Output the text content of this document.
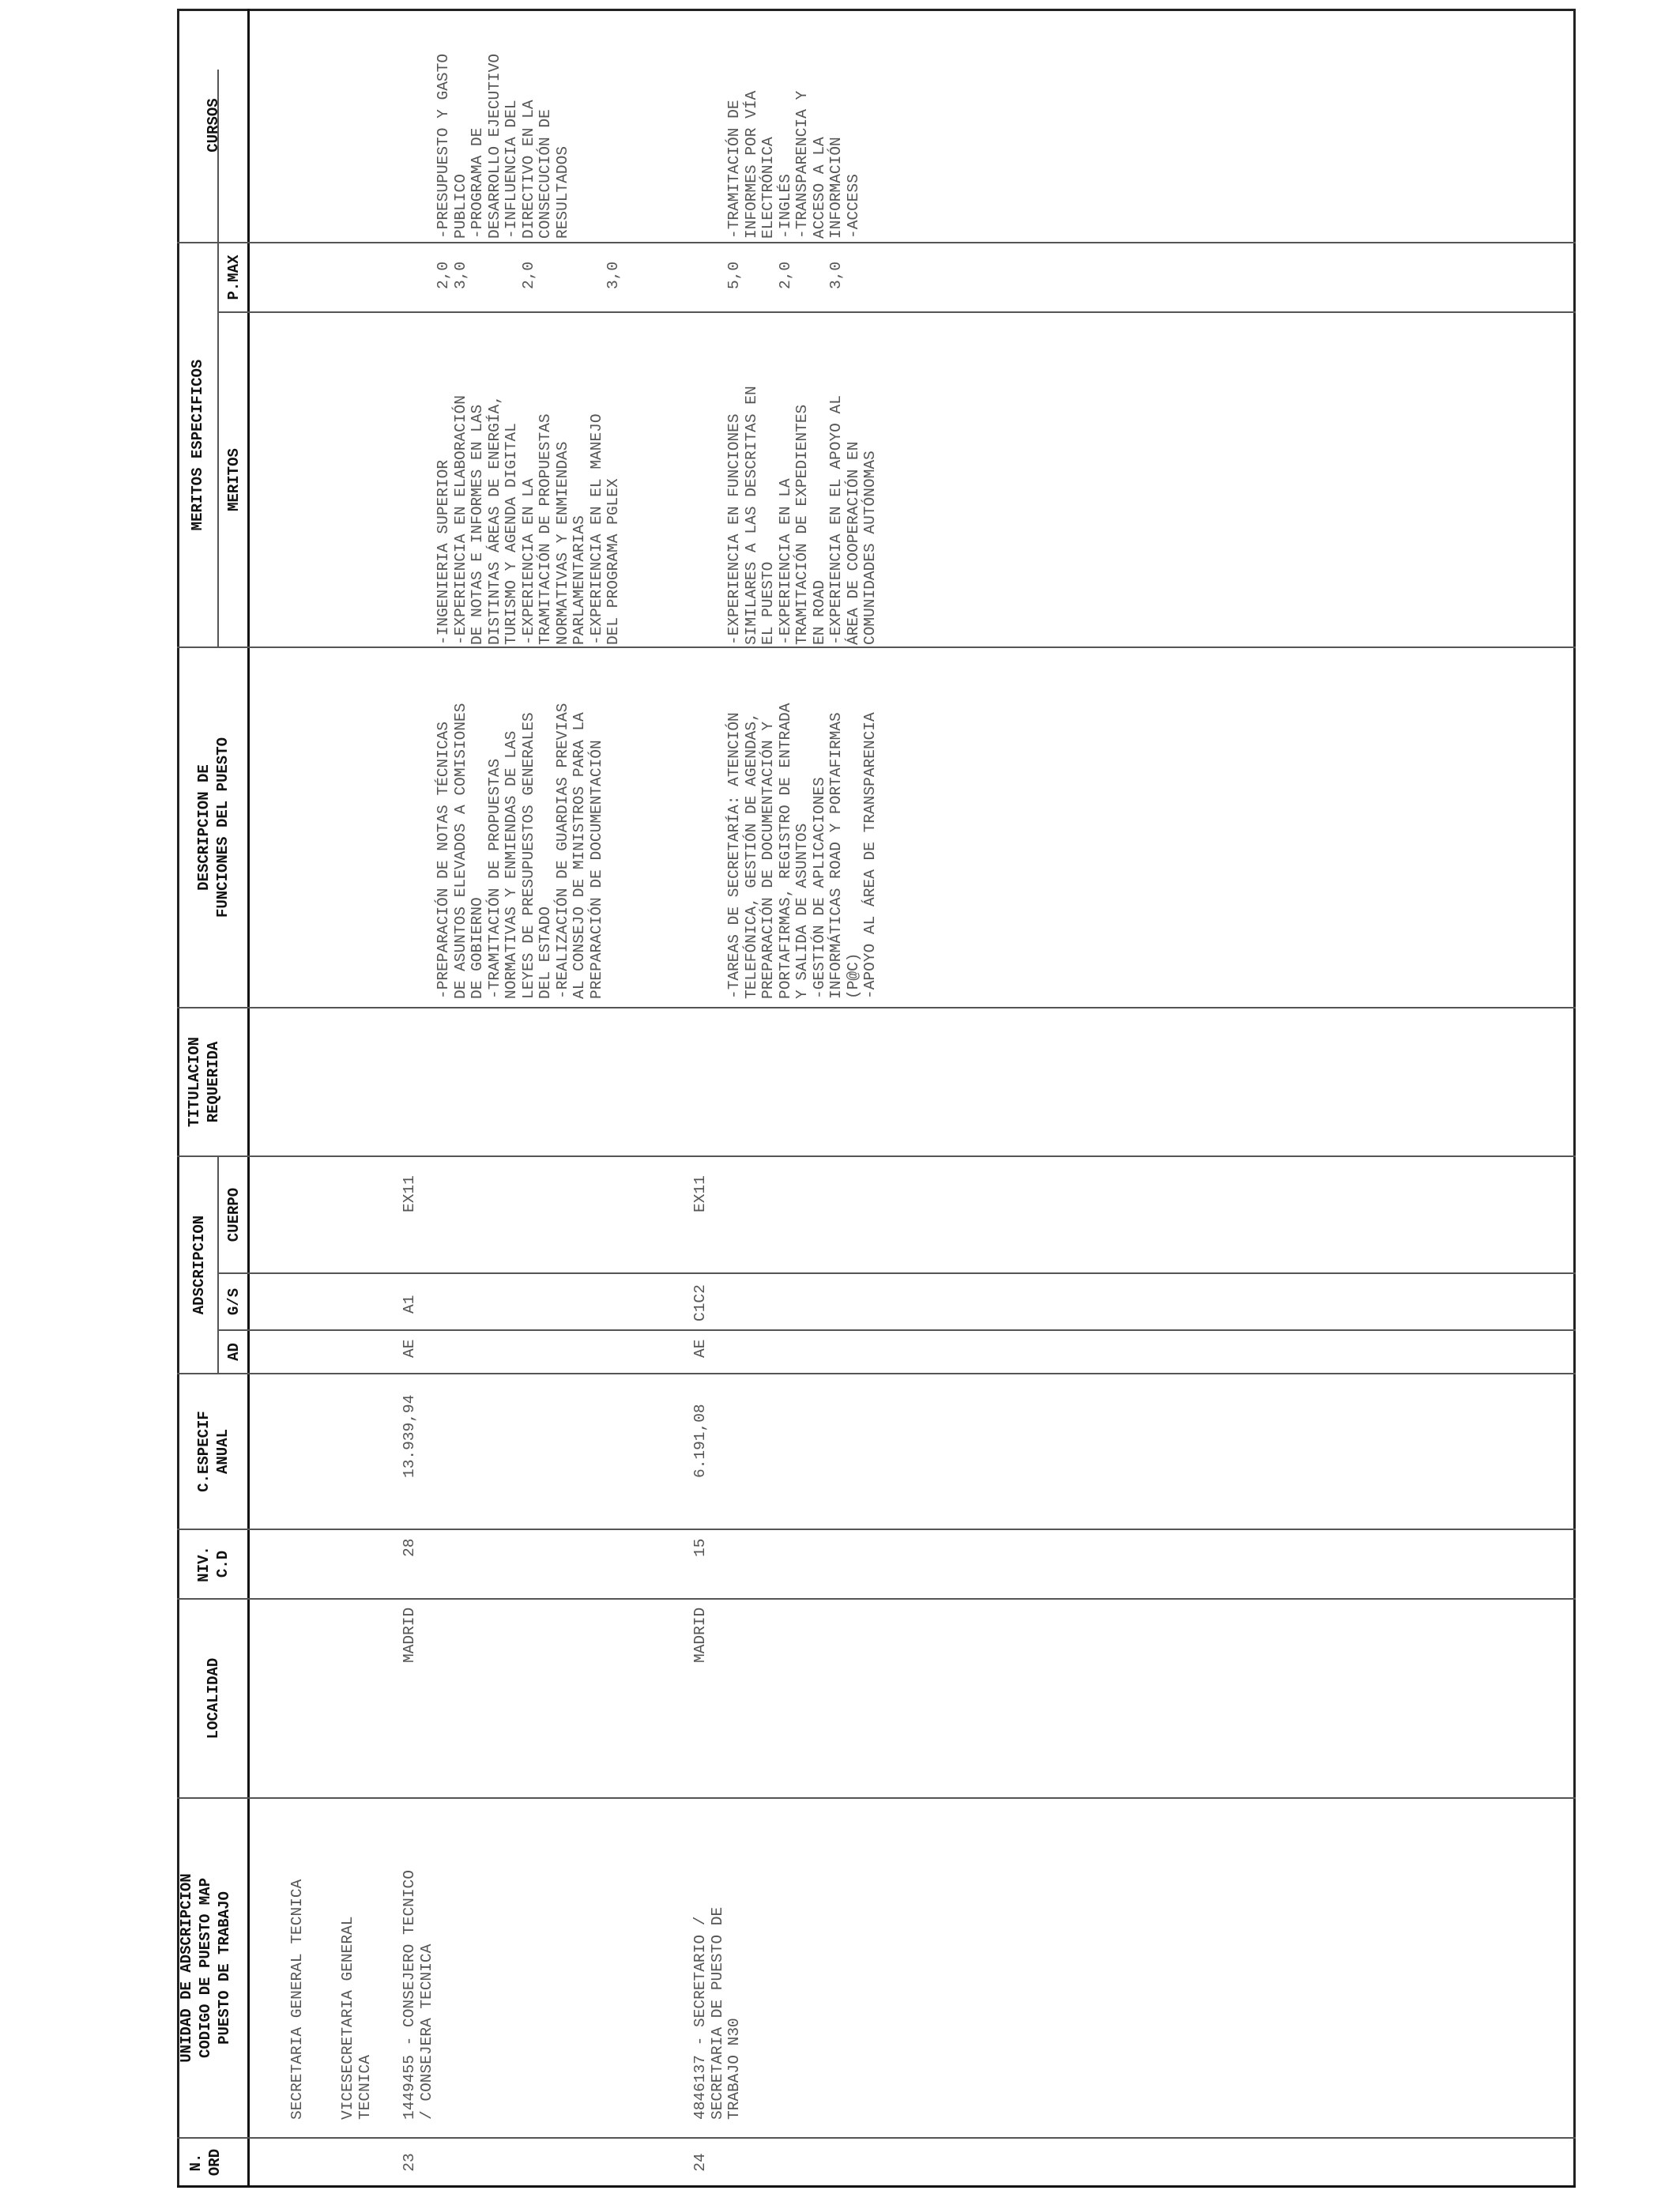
N. ORD
UNIDAD DE ADSCRIPCION CODIGO DE PUESTO MAP PUESTO DE TRABAJO
LOCALIDAD
NIV. C.D
C.ESPECIF ANUAL
ADSCRIPCION
AD
G/S
CUERPO
TITULACION REQUERIDA
DESCRIPCION DE FUNCIONES DEL PUESTO
MERITOS ESPECIFICOS MERITOS
P.MAX
CURSOS
SECRETARIA GENERAL TECNICA VICESECRETARIA GENERAL TECNICA
23
1449455 - CONSEJERO TECNICO / CONSEJERA TECNICA
MADRID
28
13.939,94
AE
A1
EX11

-PREPARACIÓN DE NOTAS TÉCNICAS DE ASUNTOS ELEVADOS A COMISIONES DE GOBIERNO -TRAMITACIÓN DE PROPUESTAS NORMATIVAS Y ENMIENDAS DE LAS LEYES DE PRESUPUESTOS GENERALES DEL ESTADO -REALIZACIÓN DE GUARDIAS PREVIAS AL CONSEJO DE MINISTROS PARA LA PREPARACIÓN DE DOCUMENTACIÓN

-INGENIERIA SUPERIOR -EXPERIENCIA EN ELABORACIÓN DE NOTAS E INFORMES EN LAS DISTINTAS ÁREAS DE ENERGÍA, TURISMO Y AGENDA DIGITAL -EXPERIENCIA EN LA TRAMITACIÓN DE PROPUESTAS NORMATIVAS Y ENMIENDAS PARLAMENTARIAS -EXPERIENCIA EN EL MANEJO DEL PROGRAMA PGLEX

2,0 3,0

	2,0

	3,0

-PRESUPUESTO Y GASTO PUBLICO -PROGRAMA DE DESARROLLO EJECUTIVO -INFLUENCIA DEL DIRECTIVO EN LA CONSECUCIÓN DE RESULTADOS

24
4846137 - SECRETARIO / SECRETARIA DE PUESTO DE TRABAJO N30
MADRID
15
6.191,08
AE
C1C2
EX11

-TAREAS DE SECRETARÍA: ATENCIÓN TELEFÓNICA, GESTIÓN DE AGENDAS, PREPARACIÓN DE DOCUMENTACIÓN Y PORTAFIRMAS, REGISTRO DE ENTRADA Y SALIDA DE ASUNTOS -GESTIÓN DE APLICACIONES INFORMÁTICAS ROAD Y PORTAFIRMAS (P@C) -APOYO AL ÁREA DE TRANSPARENCIA

-EXPERIENCIA EN FUNCIONES SIMILARES A LAS DESCRITAS EN EL PUESTO -EXPERIENCIA EN LA TRAMITACIÓN DE EXPEDIENTES EN ROAD -EXPERIENCIA EN EL APOYO AL ÁREA DE COOPERACIÓN EN COMUNIDADES AUTÓNOMAS

5,0

2,0

3,0

-TRAMITACIÓN DE INFORMES POR VÍA ELECTRÓNICA -INGLÉS -TRANSPARENCIA Y ACCESO A LA INFORMACIÓN -ACCESS
